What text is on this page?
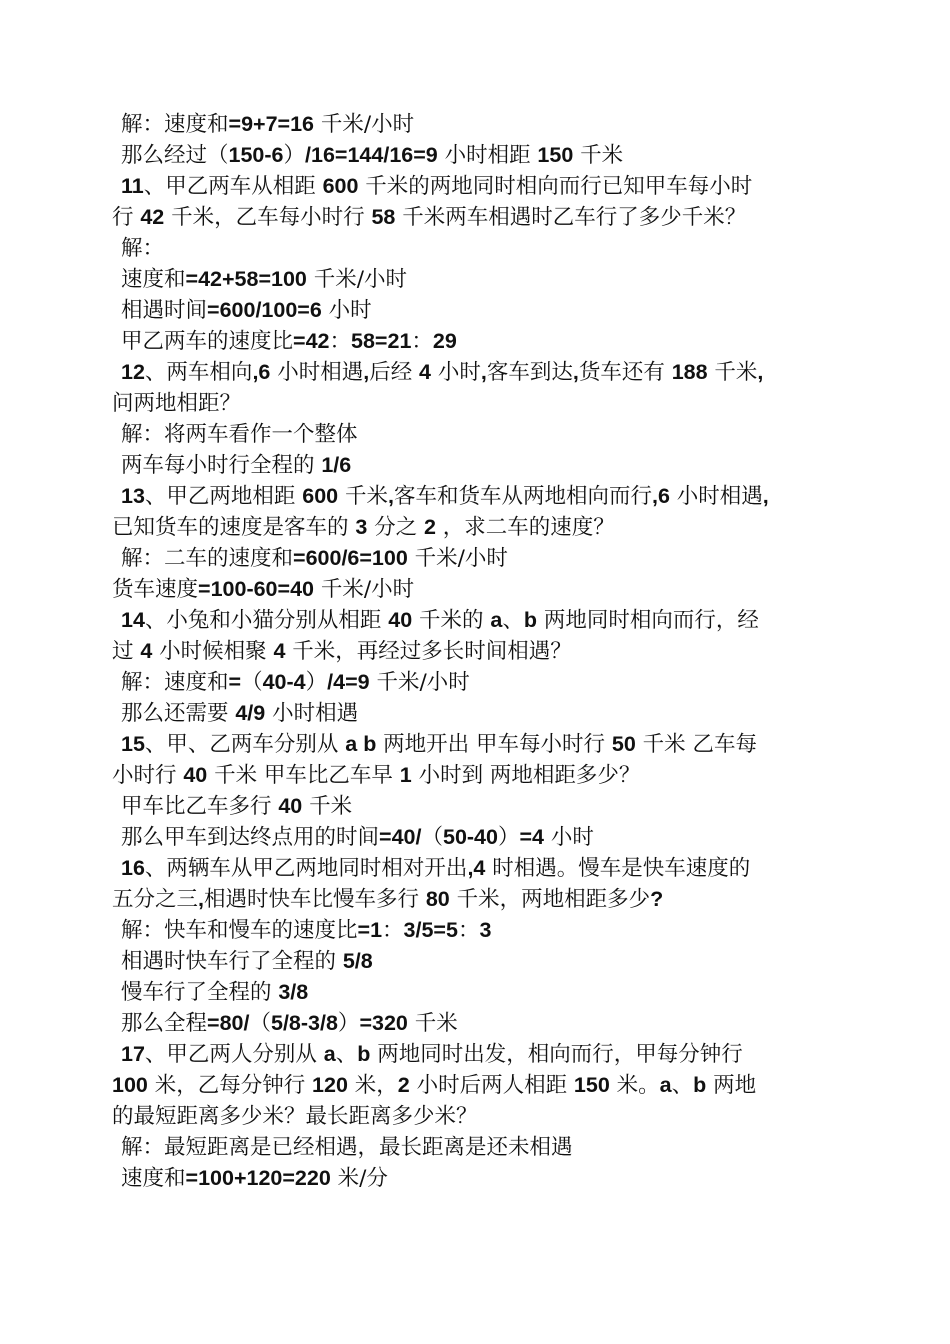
解：速度和=9+7=16 千米/小时
那么经过（150-6）/16=144/16=9 小时相距 150 千米
11、甲乙两车从相距 600 千米的两地同时相向而行已知甲车每小时
行 42 千米，乙车每小时行 58 千米两车相遇时乙车行了多少千米？
解：
速度和=42+58=100 千米/小时
相遇时间=600/100=6 小时
甲乙两车的速度比=42：58=21：29
12、两车相向,6 小时相遇,后经 4 小时,客车到达,货车还有 188 千米,
问两地相距？
解：将两车看作一个整体
两车每小时行全程的 1/6
13、甲乙两地相距 600 千米,客车和货车从两地相向而行,6 小时相遇,
已知货车的速度是客车的 3 分之 2 ，求二车的速度？
解：二车的速度和=600/6=100 千米/小时
货车速度=100-60=40 千米/小时
14、小兔和小猫分别从相距 40 千米的 a、b 两地同时相向而行，经
过 4 小时候相聚 4 千米，再经过多长时间相遇？
解：速度和=（40-4）/4=9 千米/小时
那么还需要 4/9 小时相遇
15、甲、乙两车分别从 a b 两地开出 甲车每小时行 50 千米 乙车每
小时行 40 千米 甲车比乙车早 1 小时到 两地相距多少？
甲车比乙车多行 40 千米
那么甲车到达终点用的时间=40/（50-40）=4 小时
16、两辆车从甲乙两地同时相对开出,4 时相遇。慢车是快车速度的
五分之三,相遇时快车比慢车多行 80 千米，两地相距多少?
解：快车和慢车的速度比=1：3/5=5：3
相遇时快车行了全程的 5/8
慢车行了全程的 3/8
那么全程=80/（5/8-3/8）=320 千米
17、甲乙两人分别从 a、b 两地同时出发，相向而行，甲每分钟行
100 米，乙每分钟行 120 米，2 小时后两人相距 150 米。a、b 两地
的最短距离多少米？最长距离多少米？
解：最短距离是已经相遇，最长距离是还未相遇
速度和=100+120=220 米/分
